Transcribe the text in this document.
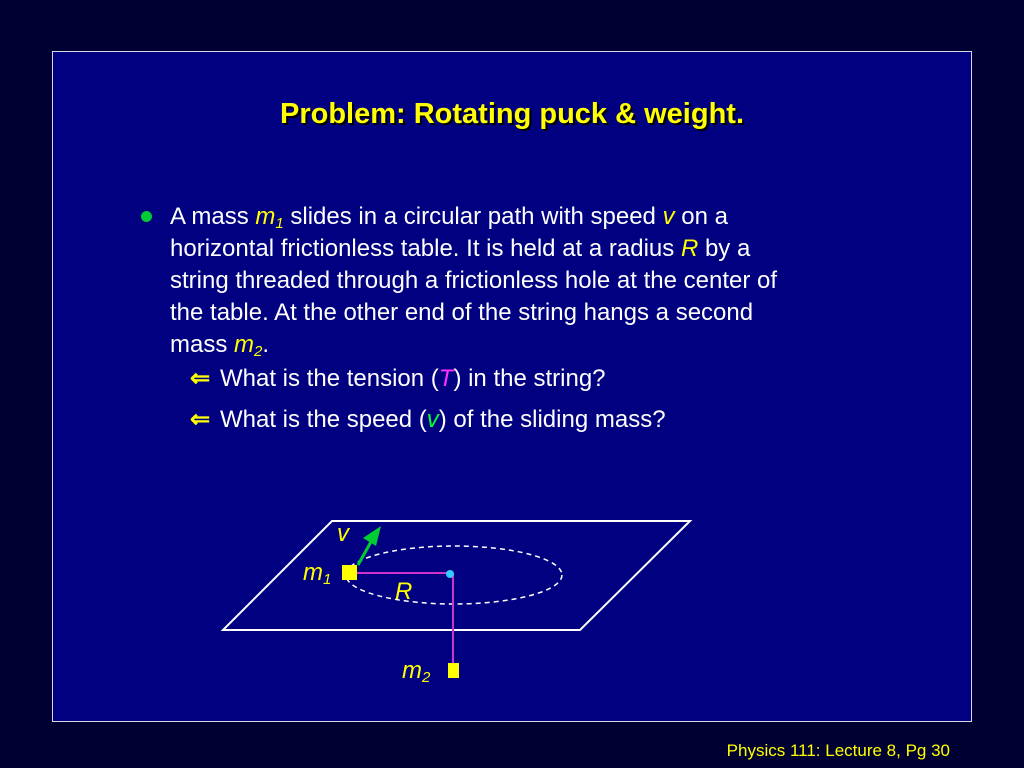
Problem: Rotating puck & weight.
A mass $m_1$ slides in a circular path with speed v on a
horizontal frictionless table. It is held at a radius R by a
string threaded through a frictionless hole at the center of
the table. At the other end of the string hangs a second
mass $m_2$.
⇐ What is the tension (T) in the string?
⇐ What is the speed (v) of the sliding mass?
v
$m_1$	R
$m_2$
Physics 111: Lecture 8, Pg 30
